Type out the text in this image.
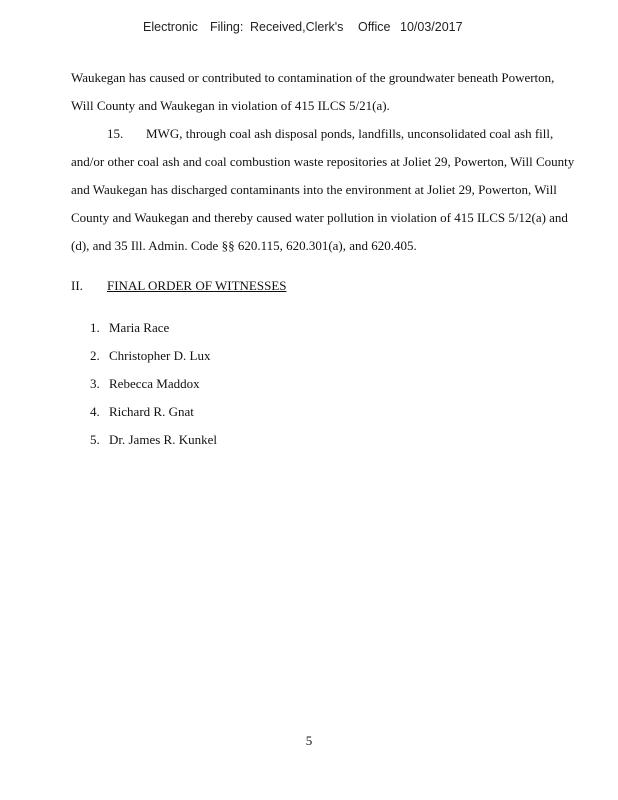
Electronic Filing: Received,Clerk's Office 10/03/2017
Waukegan has caused or contributed to contamination of the groundwater beneath Powerton,
Will County and Waukegan in violation of 415 ILCS 5/21(a).
15.       MWG, through coal ash disposal ponds, landfills, unconsolidated coal ash fill,
and/or other coal ash and coal combustion waste repositories at Joliet 29, Powerton, Will County
and Waukegan has discharged contaminants into the environment at Joliet 29, Powerton, Will
County and Waukegan and thereby caused water pollution in violation of 415 ILCS 5/12(a) and
(d), and 35 Ill. Admin. Code §§ 620.115, 620.301(a), and 620.405.
II. FINAL ORDER OF WITNESSES
1. Maria Race
2. Christopher D. Lux
3. Rebecca Maddox
4. Richard R. Gnat
5. Dr. James R. Kunkel
5
